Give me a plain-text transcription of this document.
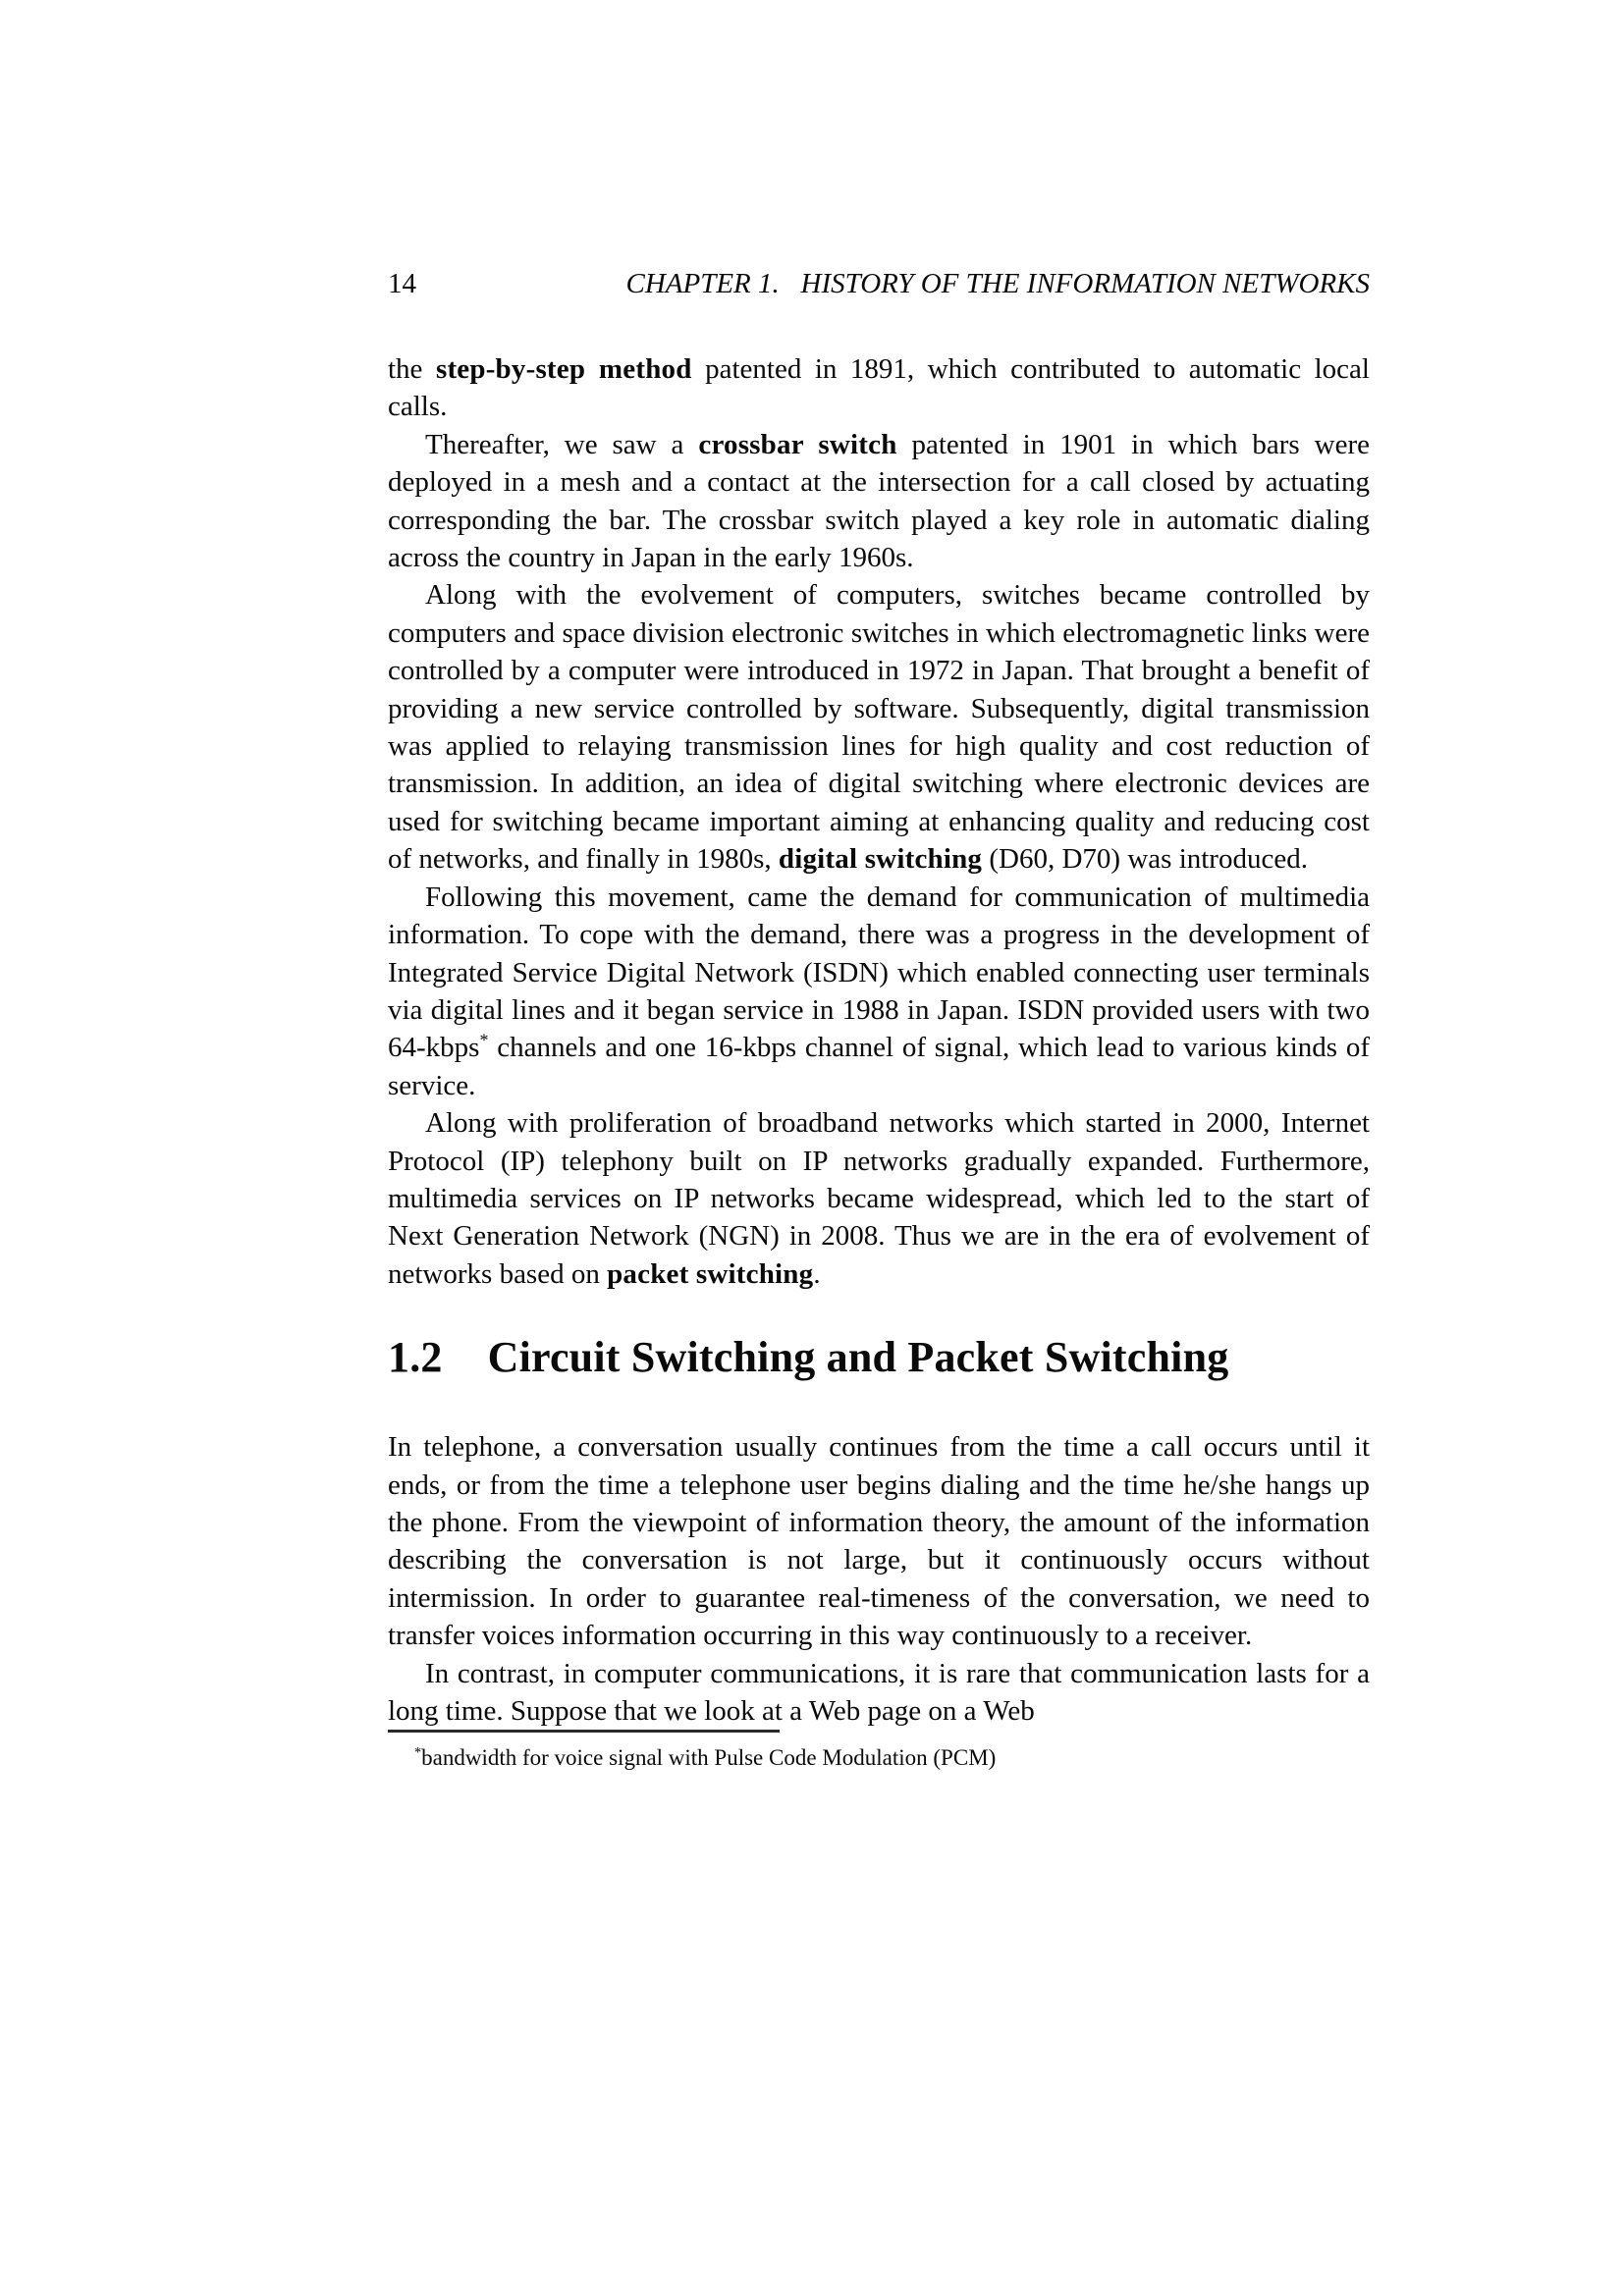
14	CHAPTER 1.  HISTORY OF THE INFORMATION NETWORKS

the step-by-step method patented in 1891, which contributed to automatic local calls.

Thereafter, we saw a crossbar switch patented in 1901 in which bars were deployed in a mesh and a contact at the intersection for a call closed by actuating corresponding the bar. The crossbar switch played a key role in automatic dialing across the country in Japan in the early 1960s.

Along with the evolvement of computers, switches became controlled by computers and space division electronic switches in which electromagnetic links were controlled by a computer were introduced in 1972 in Japan. That brought a benefit of providing a new service controlled by software. Subsequently, digital transmission was applied to relaying transmission lines for high quality and cost reduction of transmission. In addition, an idea of digital switching where electronic devices are used for switching became important aiming at enhancing quality and reducing cost of networks, and finally in 1980s, digital switching (D60, D70) was introduced.

Following this movement, came the demand for communication of multimedia information. To cope with the demand, there was a progress in the development of Integrated Service Digital Network (ISDN) which enabled connecting user terminals via digital lines and it began service in 1988 in Japan. ISDN provided users with two 64-kbps* channels and one 16-kbps channel of signal, which lead to various kinds of service.

Along with proliferation of broadband networks which started in 2000, Internet Protocol (IP) telephony built on IP networks gradually expanded. Furthermore, multimedia services on IP networks became widespread, which led to the start of Next Generation Network (NGN) in 2008. Thus we are in the era of evolvement of networks based on packet switching.

1.2 Circuit Switching and Packet Switching

In telephone, a conversation usually continues from the time a call occurs until it ends, or from the time a telephone user begins dialing and the time he/she hangs up the phone. From the viewpoint of information theory, the amount of the information describing the conversation is not large, but it continuously occurs without intermission. In order to guarantee real-timeness of the conversation, we need to transfer voices information occurring in this way continuously to a receiver.

In contrast, in computer communications, it is rare that communication lasts for a long time. Suppose that we look at a Web page on a Web

*bandwidth for voice signal with Pulse Code Modulation (PCM)
